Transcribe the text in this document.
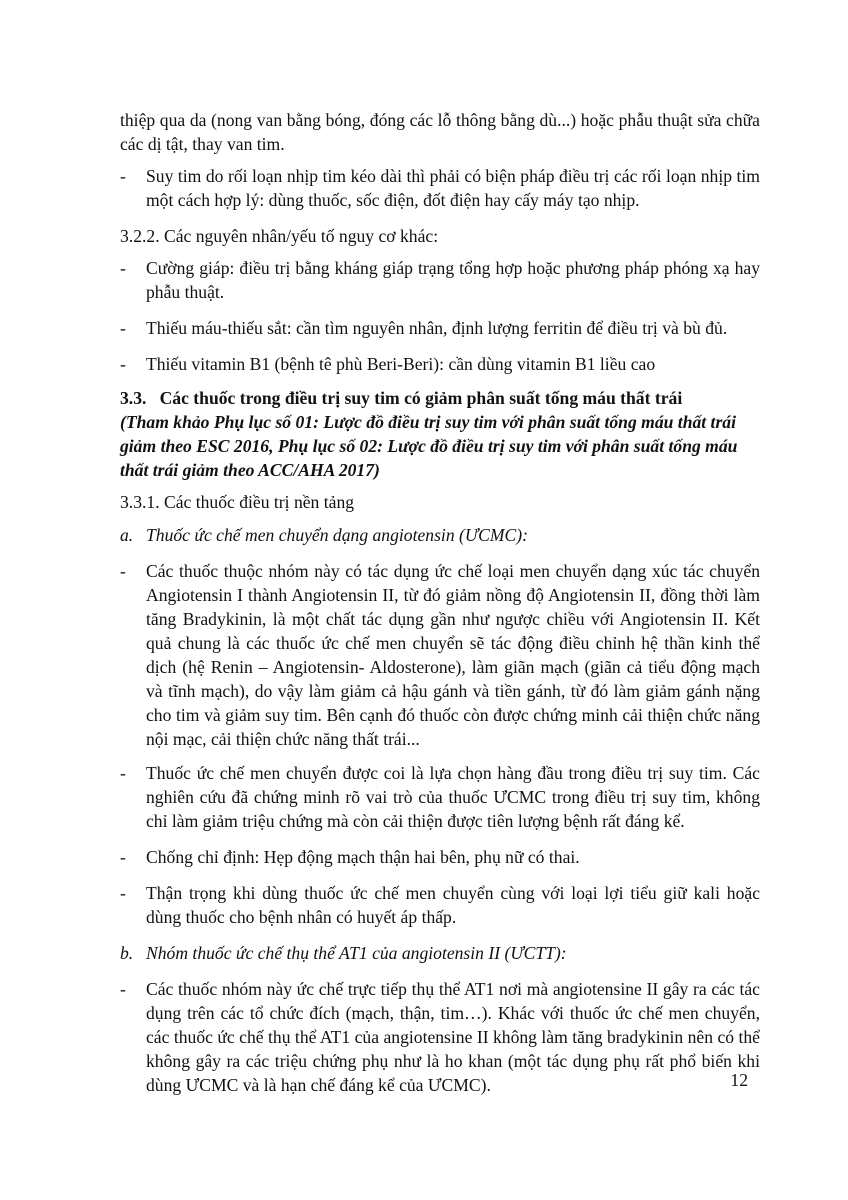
thiệp qua da (nong van bằng bóng, đóng các lỗ thông bằng dù...) hoặc phẫu thuật sửa chữa các dị tật, thay van tim.

-	Suy tim do rối loạn nhịp tim kéo dài thì phải có biện pháp điều trị các rối loạn nhịp tim một cách hợp lý: dùng thuốc, sốc điện, đốt điện hay cấy máy tạo nhịp.

3.2.2. Các nguyên nhân/yếu tố nguy cơ khác:

-	Cường giáp: điều trị bằng kháng giáp trạng tổng hợp hoặc phương pháp phóng xạ hay phẫu thuật.
-	Thiếu máu-thiếu sắt: cần tìm nguyên nhân, định lượng ferritin để điều trị và bù đủ.
-	Thiếu vitamin B1 (bệnh tê phù Beri-Beri): cần dùng vitamin B1 liều cao

3.3. Các thuốc trong điều trị suy tim có giảm phân suất tống máu thất trái

(Tham khảo Phụ lục số 01: Lược đồ điều trị suy tim với phân suất tống máu thất trái giảm theo ESC 2016, Phụ lục số 02: Lược đồ điều trị suy tim với phân suất tống máu thất trái giảm theo ACC/AHA 2017)

3.3.1. Các thuốc điều trị nền tảng

a. Thuốc ức chế men chuyển dạng angiotensin (ƯCMC):
-	Các thuốc thuộc nhóm này có tác dụng ức chế loại men chuyển dạng xúc tác chuyển Angiotensin I thành Angiotensin II, từ đó giảm nồng độ Angiotensin II, đồng thời làm tăng Bradykinin, là một chất tác dụng gần như ngược chiều với Angiotensin II. Kết quả chung là các thuốc ức chế men chuyển sẽ tác động điều chỉnh hệ thần kinh thể dịch (hệ Renin – Angiotensin- Aldosterone), làm giãn mạch (giãn cả tiểu động mạch và tĩnh mạch), do vậy làm giảm cả hậu gánh và tiền gánh, từ đó làm giảm gánh nặng cho tim và giảm suy tim. Bên cạnh đó thuốc còn được chứng minh cải thiện chức năng nội mạc, cải thiện chức năng thất trái...
-	Thuốc ức chế men chuyển được coi là lựa chọn hàng đầu trong điều trị suy tim. Các nghiên cứu đã chứng minh rõ vai trò của thuốc ƯCMC trong điều trị suy tim, không chỉ làm giảm triệu chứng mà còn cải thiện được tiên lượng bệnh rất đáng kể.
-	Chống chỉ định: Hẹp động mạch thận hai bên, phụ nữ có thai.
-	Thận trọng khi dùng thuốc ức chế men chuyển cùng với loại lợi tiểu giữ kali hoặc dùng thuốc cho bệnh nhân có huyết áp thấp.
b. Nhóm thuốc ức chế thụ thể AT1 của angiotensin II (ƯCTT):
-	Các thuốc nhóm này ức chế trực tiếp thụ thể AT1 nơi mà angiotensine II gây ra các tác dụng trên các tổ chức đích (mạch, thận, tim…). Khác với thuốc ức chế men chuyển, các thuốc ức chế thụ thể AT1 của angiotensine II không làm tăng bradykinin nên có thể không gây ra các triệu chứng phụ như là ho khan (một tác dụng phụ rất phổ biến khi dùng ƯCMC và là hạn chế đáng kể của ƯCMC).	12
